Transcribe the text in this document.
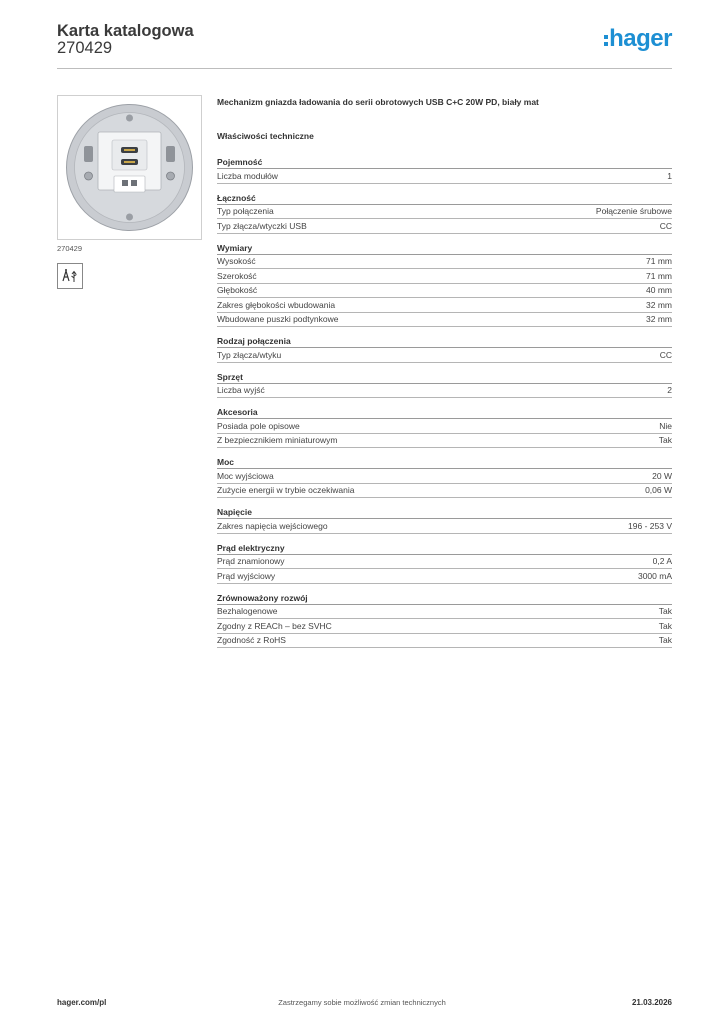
Karta katalogowa
270429	hager
270429
Mechanizm gniazda ładowania do serii obrotowych USB C+C 20W PD, biały mat
Właściwości techniczne
Pojemność
Liczba modułów	1
Łączność
Typ połączenia	Połączenie śrubowe
Typ złącza/wtyczki USB	CC
Wymiary
Wysokość	71 mm
Szerokość	71 mm
Głębokość	40 mm
Zakres głębokości wbudowania	32 mm
Wbudowane puszki podtynkowe	32 mm
Rodzaj połączenia
Typ złącza/wtyku	CC
Sprzęt
Liczba wyjść	2
Akcesoria
Posiada pole opisowe	Nie
Z bezpiecznikiem miniaturowym	Tak
Moc
Moc wyjściowa	20 W
Zużycie energii w trybie oczekiwania	0,06 W
Napięcie
Zakres napięcia wejściowego	196 - 253 V
Prąd elektryczny
Prąd znamionowy	0,2 A
Prąd wyjściowy	3000 mA
Zrównoważony rozwój
Bezhalogenowe	Tak
Zgodny z REACh – bez SVHC	Tak
Zgodność z RoHS	Tak
hager.com/pl	Zastrzegamy sobie możliwość zmian technicznych	21.03.2026
